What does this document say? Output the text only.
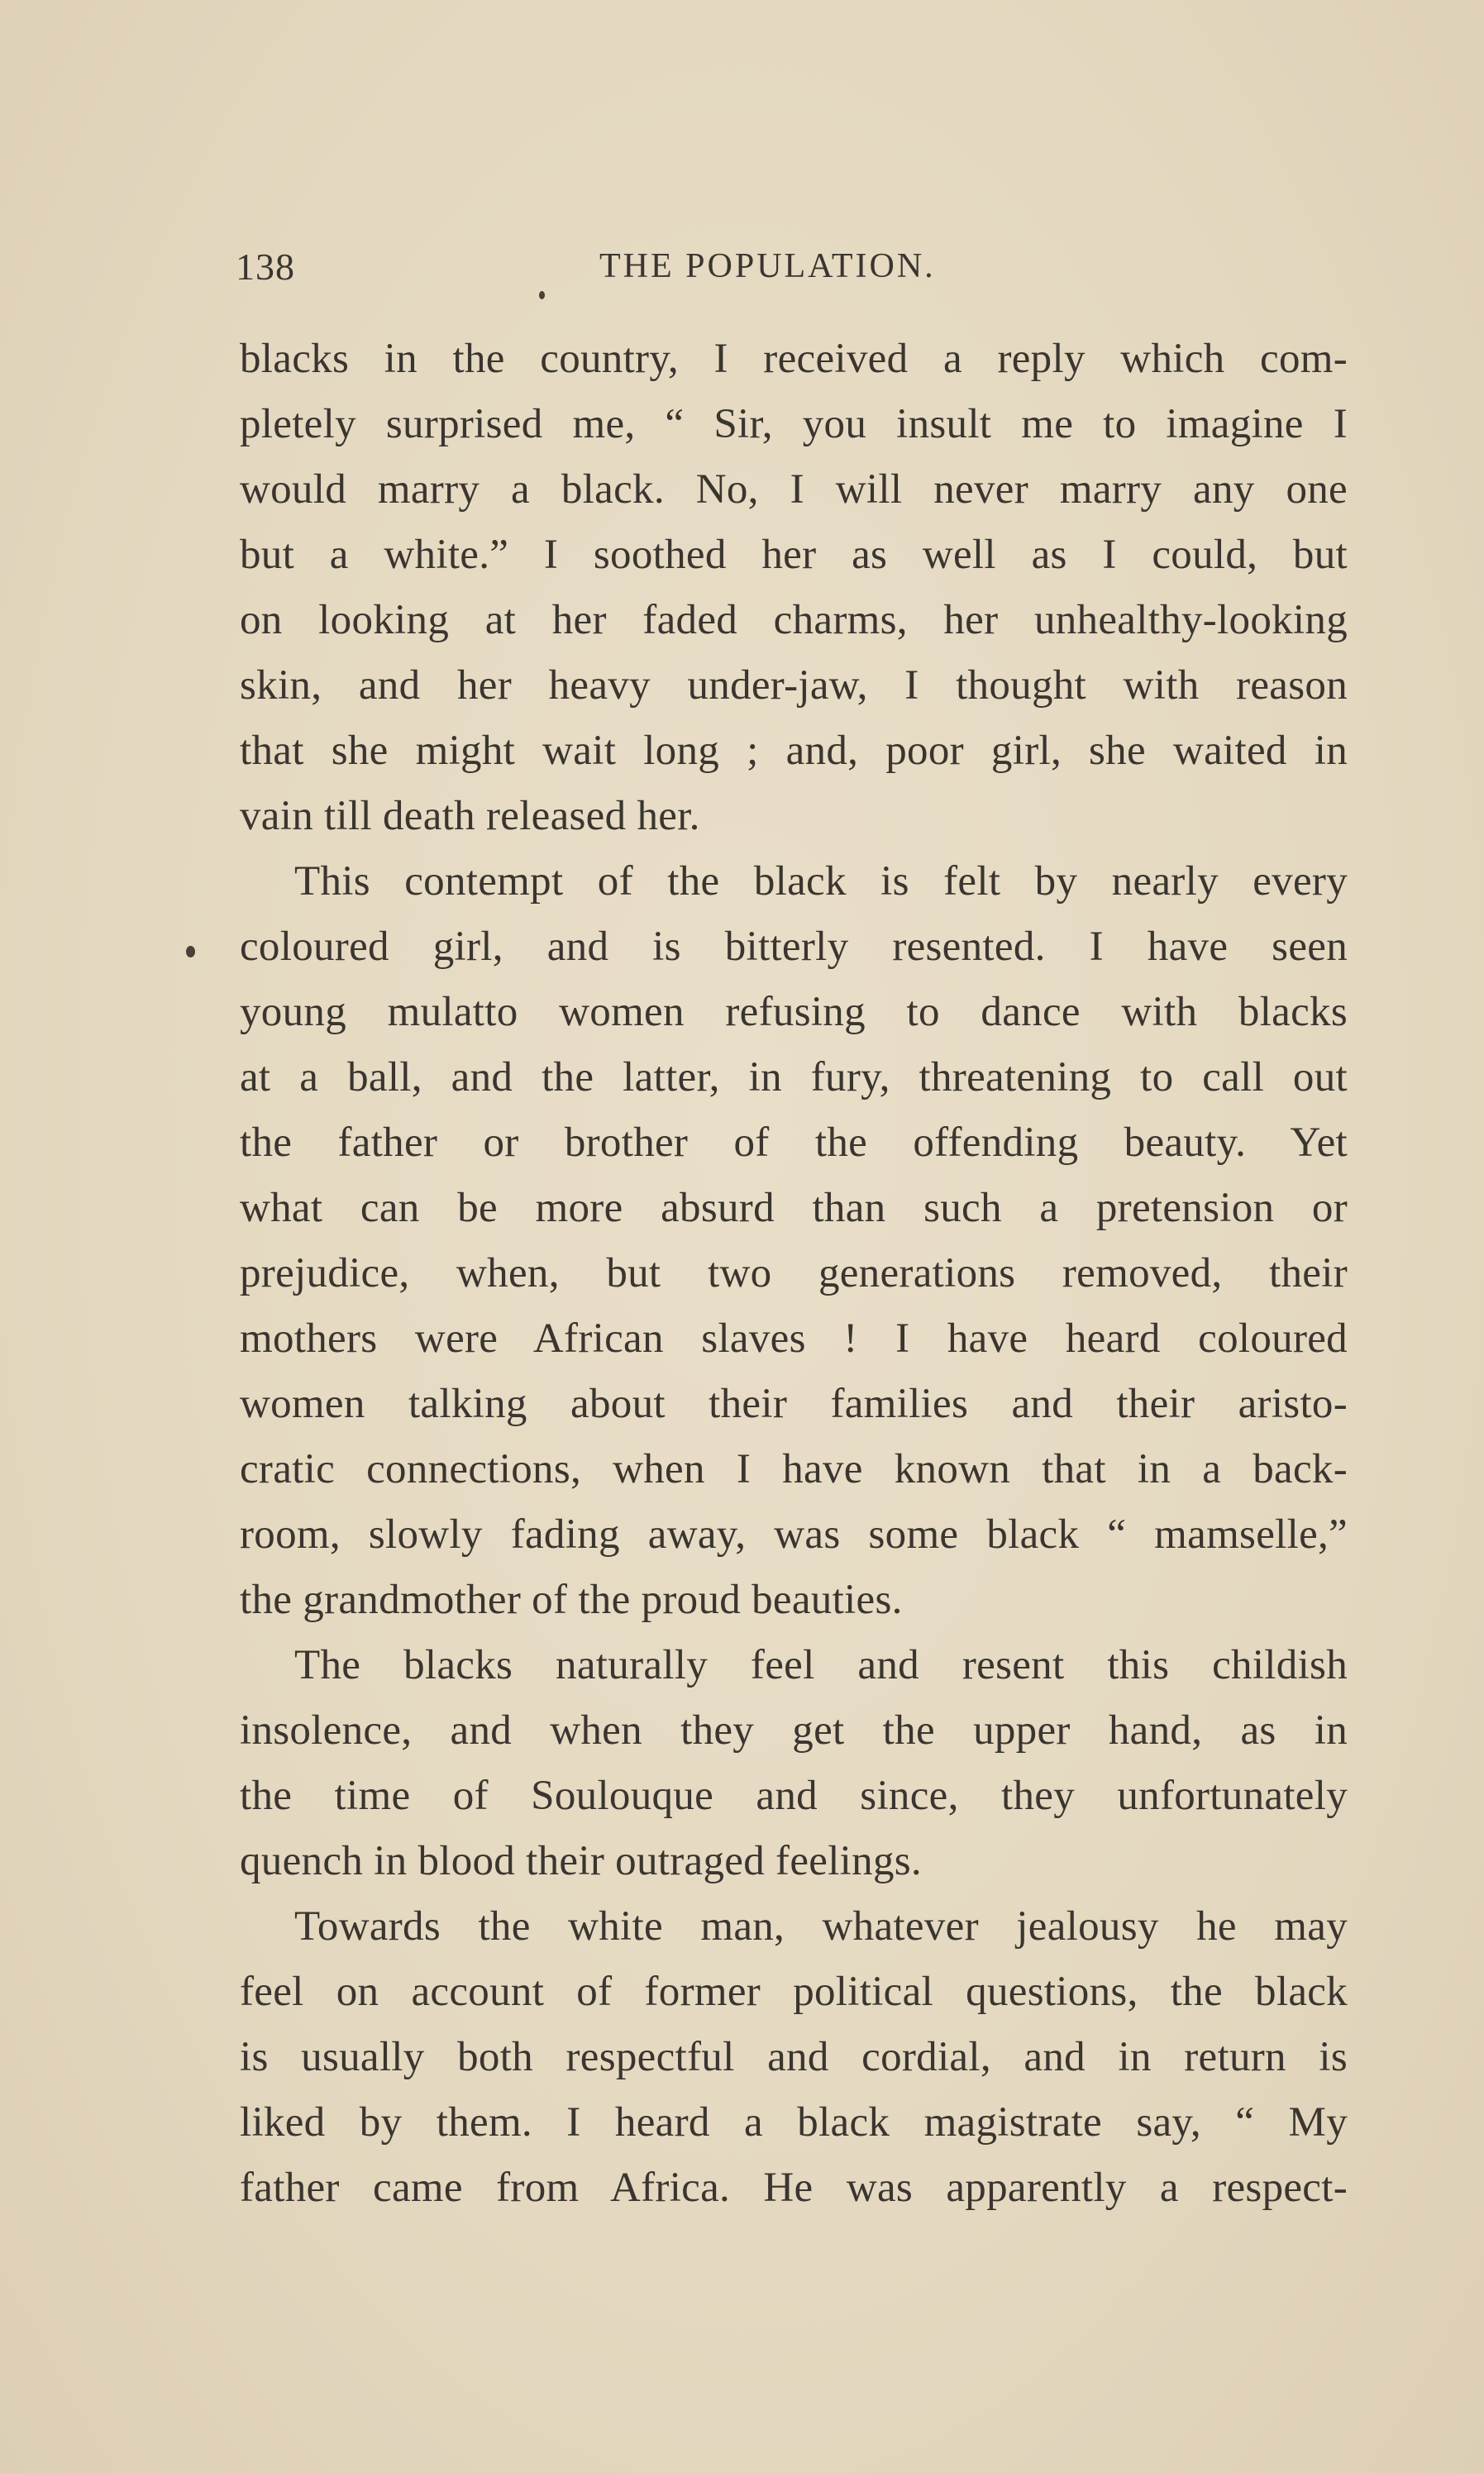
138	THE POPULATION.
blacks in the country, I received a reply which com-
pletely surprised me, “ Sir, you insult me to imagine I
would marry a black. No, I will never marry any one
but a white.” I soothed her as well as I could, but
on looking at her faded charms, her unhealthy-looking
skin, and her heavy under-jaw, I thought with reason
that she might wait long ; and, poor girl, she waited in
vain till death released her.
This contempt of the black is felt by nearly every
coloured girl, and is bitterly resented. I have seen
young mulatto women refusing to dance with blacks
at a ball, and the latter, in fury, threatening to call out
the father or brother of the offending beauty. Yet
what can be more absurd than such a pretension or
prejudice, when, but two generations removed, their
mothers were African slaves ! I have heard coloured
women talking about their families and their aristo-
cratic connections, when I have known that in a back-
room, slowly fading away, was some black “ mamselle,”
the grandmother of the proud beauties.
The blacks naturally feel and resent this childish
insolence, and when they get the upper hand, as in
the time of Soulouque and since, they unfortunately
quench in blood their outraged feelings.
Towards the white man, whatever jealousy he may
feel on account of former political questions, the black
is usually both respectful and cordial, and in return is
liked by them. I heard a black magistrate say, “ My
father came from Africa. He was apparently a respect-
